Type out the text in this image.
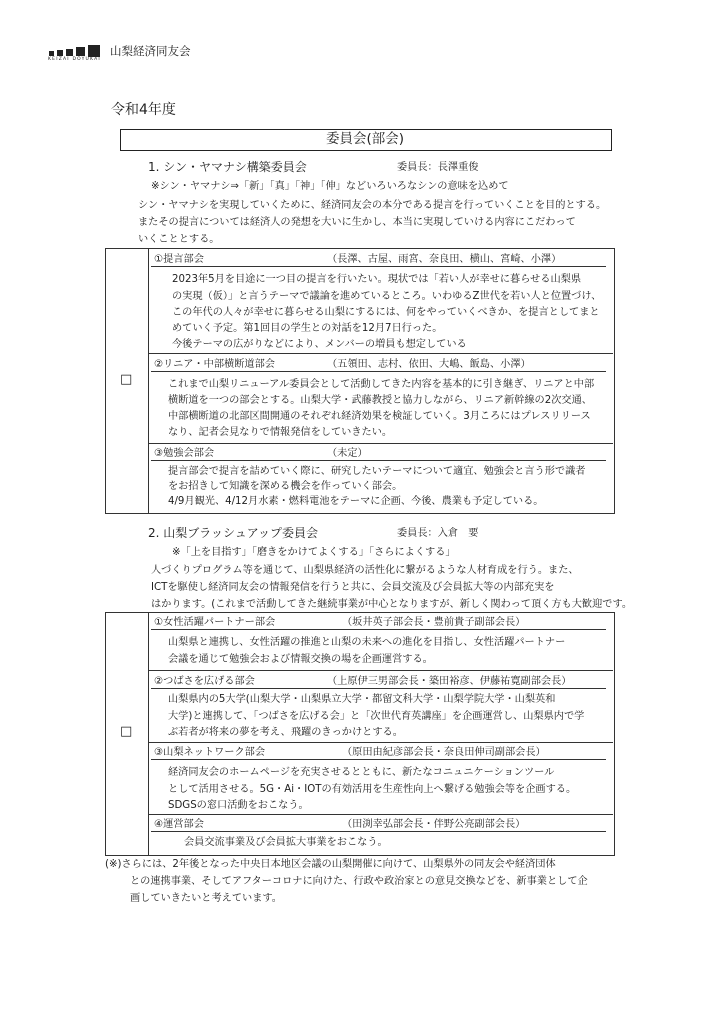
山梨経済同友会
KEIZAI DOYUKAI
令和4年度
委員会(部会)
1. シン・ヤマナシ構築委員会	委員長：長澤重俊
※シン・ヤマナシ⇒「新」「真」「神」「伸」などいろいろなシンの意味を込めて
シン・ヤマナシを実現していくために、経済同友会の本分である提言を行っていくことを目的とする。
またその提言については経済人の発想を大いに生かし、本当に実現していける内容にこだわって
いくこととする。
□
①提言部会	（長澤、古屋、雨宮、奈良田、横山、宮崎、小澤）
2023年5月を目途に一つ目の提言を行いたい。現状では「若い人が幸せに暮らせる山梨県
の実現（仮）」と言うテーマで議論を進めているところ。いわゆるZ世代を若い人と位置づけ、
この年代の人々が幸せに暮らせる山梨にするには、何をやっていくべきか、を提言としてまと
めていく予定。第1回目の学生との対話を12月7日行った。
今後テーマの広がりなどにより、メンバーの増員も想定している
②リニア・中部横断道部会	（五領田、志村、依田、大嶋、飯島、小澤）
これまで山梨リニューアル委員会として活動してきた内容を基本的に引き継ぎ、リニアと中部
横断道を一つの部会とする。山梨大学・武藤教授と協力しながら、リニア新幹線の2次交通、
中部横断道の北部区間開通のそれぞれ経済効果を検証していく。3月ころにはプレスリリース
なり、記者会見なりで情報発信をしていきたい。
③勉強会部会	（未定）
提言部会で提言を詰めていく際に、研究したいテーマについて適宜、勉強会と言う形で識者
をお招きして知識を深める機会を作っていく部会。
4/9月観光、4/12月水素・燃料電池をテーマに企画、今後、農業も予定している。
2. 山梨ブラッシュアップ委員会	委員長：入倉　要
※「上を目指す」「磨きをかけてよくする」「さらによくする」
人づくりプログラム等を通じて、山梨県経済の活性化に繋がるような人材育成を行う。また、
ICTを駆使し経済同友会の情報発信を行うと共に、会員交流及び会員拡大等の内部充実を
はかります。(これまで活動してきた継続事業が中心となりますが、新しく関わって頂く方も大歓迎です。
□
①女性活躍パートナー部会	（坂井英子部会長・豊前貴子副部会長）
山梨県と連携し、女性活躍の推進と山梨の未来への進化を目指し、女性活躍パートナー
会議を通じて勉強会および情報交換の場を企画運営する。
②つばさを広げる部会	（上原伊三男部会長・築田裕彦、伊藤祐寛副部会長）
山梨県内の5大学(山梨大学・山梨県立大学・都留文科大学・山梨学院大学・山梨英和
大学)と連携して、「つばさを広げる会」と「次世代育英講座」を企画運営し、山梨県内で学
ぶ若者が将来の夢を考え、飛躍のきっかけとする。
③山梨ネットワーク部会	（原田由紀彦部会長・奈良田伸司副部会長）
経済同友会のホームページを充実させるとともに、新たなコニュニケーションツール
として活用させる。5G・Ai・IOTの有効活用を生産性向上へ繋げる勉強会等を企画する。
SDGSの窓口活動をおこなう。
④運営部会	（田渕幸弘部会長・伴野公亮副部会長）
会員交流事業及び会員拡大事業をおこなう。
(※)さらには、2年後となった中央日本地区会議の山梨開催に向けて、山梨県外の同友会や経済団体
との連携事業、そしてアフターコロナに向けた、行政や政治家との意見交換などを、新事業として企
画していきたいと考えています。
